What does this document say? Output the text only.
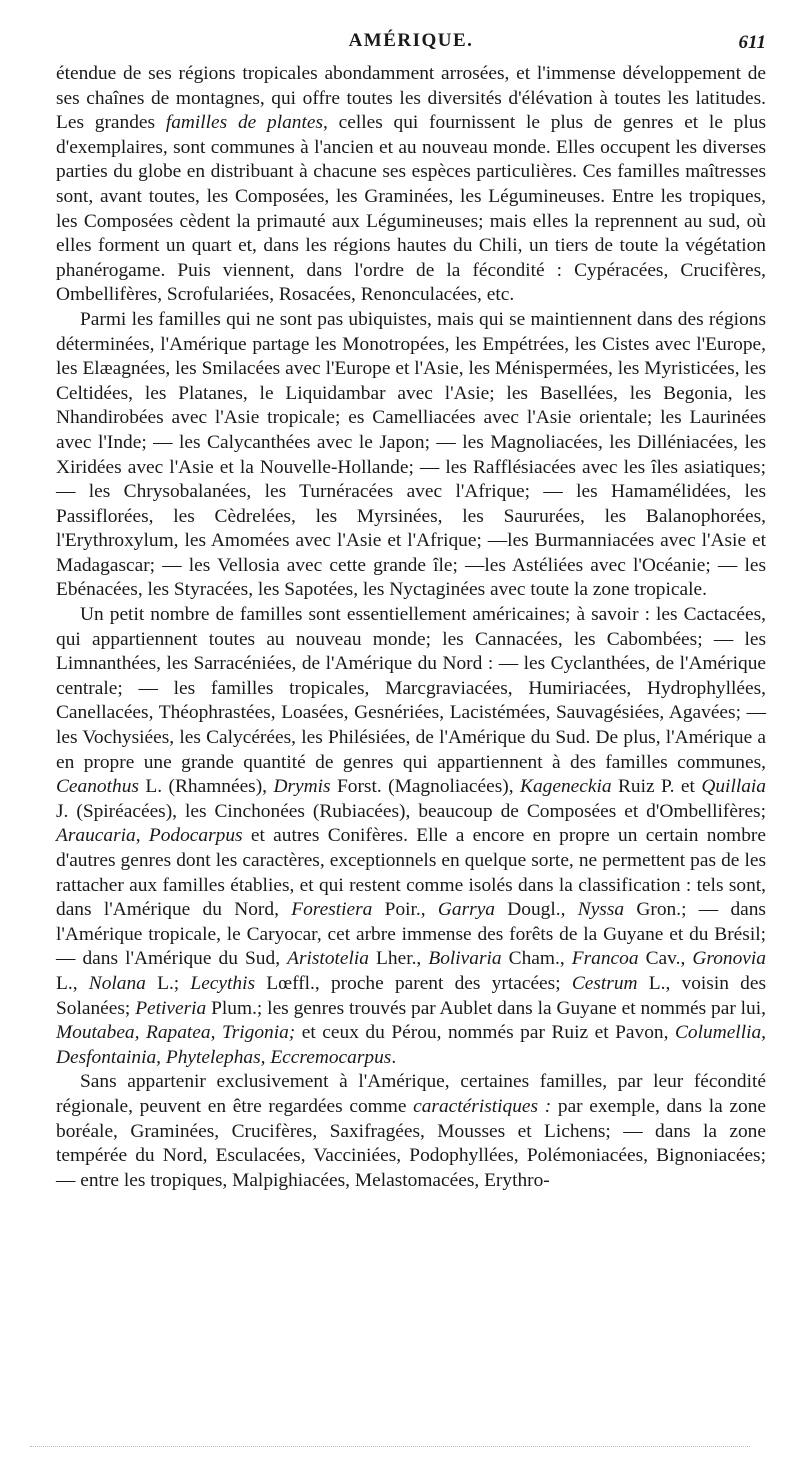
AMÉRIQUE.	611

étendue de ses régions tropicales abondamment arrosées, et l'immense développement de ses chaînes de montagnes, qui offre toutes les diversités d'élévation à toutes les latitudes. Les grandes familles de plantes, celles qui fournissent le plus de genres et le plus d'exemplaires, sont communes à l'ancien et au nouveau monde. Elles occupent les diverses parties du globe en distribuant à chacune ses espèces particulières. Ces familles maîtresses sont, avant toutes, les Composées, les Graminées, les Légumineuses. Entre les tropiques, les Composées cèdent la primauté aux Légumineuses; mais elles la reprennent au sud, où elles forment un quart et, dans les régions hautes du Chili, un tiers de toute la végétation phanérogame. Puis viennent, dans l'ordre de la fécondité : Cypéracées, Crucifères, Ombellifères, Scrofulariées, Rosacées, Renonculacées, etc.

Parmi les familles qui ne sont pas ubiquistes, mais qui se maintiennent dans des régions déterminées, l'Amérique partage les Monotropées, les Empétrées, les Cistes avec l'Europe, les Elæagnées, les Smilacées avec l'Europe et l'Asie, les Ménispermées, les Myristicées, les Celtidées, les Platanes, le Liquidambar avec l'Asie; les Basellées, les Begonia, les Nhandirobées avec l'Asie tropicale; es Camelliacées avec l'Asie orientale; les Laurinées avec l'Inde; — les Calycanthées avec le Japon; — les Magnoliacées, les Dilléniacées, les Xiridées avec l'Asie et la Nouvelle-Hollande; — les Rafflésiacées avec les îles asiatiques; — les Chrysobalanées, les Turnéracées avec l'Afrique; — les Hamamélidées, les Passiflorées, les Cèdrelées, les Myrsinées, les Saururées, les Balanophorées, l'Erythroxylum, les Amomées avec l'Asie et l'Afrique; —les Burmanniacées avec l'Asie et Madagascar; — les Vellosia avec cette grande île; —les Astéliées avec l'Océanie; — les Ebénacées, les Styracées, les Sapotées, les Nyctaginées avec toute la zone tropicale.

Un petit nombre de familles sont essentiellement américaines; à savoir : les Cactacées, qui appartiennent toutes au nouveau monde; les Cannacées, les Cabombées; — les Limnanthées, les Sarracéniées, de l'Amérique du Nord : — les Cyclanthées, de l'Amérique centrale; — les familles tropicales, Marcgraviacées, Humiriacées, Hydrophyllées, Canellacées, Théophrastées, Loasées, Gesnériées, Lacistémées, Sauvagésiées, Agavées; — les Vochysiées, les Calycérées, les Philésiées, de l'Amérique du Sud. De plus, l'Amérique a en propre une grande quantité de genres qui appartiennent à des familles communes, Ceanothus L. (Rhamnées), Drymis Forst. (Magnoliacées), Kageneckia Ruiz P. et Quillaia J. (Spiréacées), les Cinchonées (Rubiacées), beaucoup de Composées et d'Ombellifères; Araucaria, Podocarpus et autres Conifères. Elle a encore en propre un certain nombre d'autres genres dont les caractères, exceptionnels en quelque sorte, ne permettent pas de les rattacher aux familles établies, et qui restent comme isolés dans la classification : tels sont, dans l'Amérique du Nord, Forestiera Poir., Garrya Dougl., Nyssa Gron.; — dans l'Amérique tropicale, le Caryocar, cet arbre immense des forêts de la Guyane et du Brésil; — dans l'Amérique du Sud, Aristotelia Lher., Bolivaria Cham., Francoa Cav., Gronovia L., Nolana L.; Lecythis Lœffl., proche parent des yrtacées; Cestrum L., voisin des Solanées; Petiveria Plum.; les genres trouvés par Aublet dans la Guyane et nommés par lui, Moutabea, Rapatea, Trigonia; et ceux du Pérou, nommés par Ruiz et Pavon, Columellia, Desfontainia, Phytelephas, Eccremocarpus.

Sans appartenir exclusivement à l'Amérique, certaines familles, par leur fécondité régionale, peuvent en être regardées comme caractéristiques : par exemple, dans la zone boréale, Graminées, Crucifères, Saxifragées, Mousses et Lichens; — dans la zone tempérée du Nord, Esculacées, Vacciniées, Podophyllées, Polémoniacées, Bignoniacées; — entre les tropiques, Malpighiacées, Melastomacées, Erythro-
